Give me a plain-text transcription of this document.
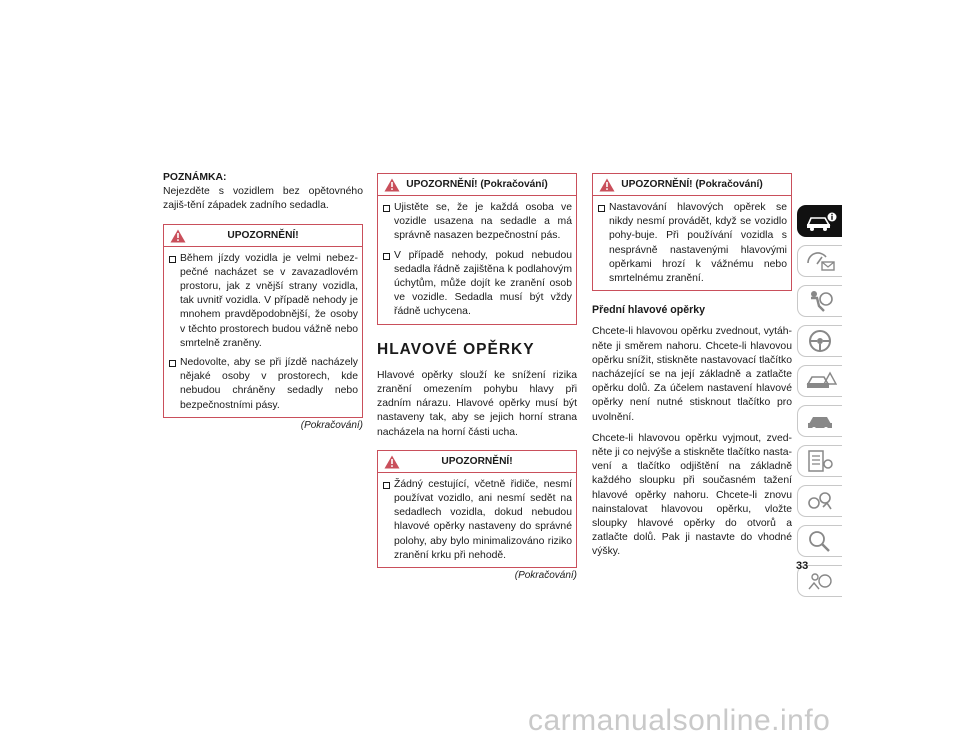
POZNÁMKA:
Nejezděte s vozidlem bez opětovného zajiš-tění západek zadního sedadla.
UPOZORNĚNÍ!
Během jízdy vozidla je velmi nebez-pečné nacházet se v zavazadlovém prostoru, jak z vnější strany vozidla, tak uvnitř vozidla. V případě nehody je mnohem pravděpodobnější, že osoby v těchto prostorech budou vážně nebo smrtelně zraněny.
Nedovolte, aby se při jízdě nacházely nějaké osoby v prostorech, kde nebudou chráněny sedadly nebo bezpečnostními pásy.
(Pokračování)
UPOZORNĚNÍ! (Pokračování)
Ujistěte se, že je každá osoba ve vozidle usazena na sedadle a má správně nasazen bezpečnostní pás.
V případě nehody, pokud nebudou sedadla řádně zajištěna k podlahovým úchytům, může dojít ke zranění osob ve vozidle. Sedadla musí být vždy řádně uchycena.
HLAVOVÉ OPĚRKY
Hlavové opěrky slouží ke snížení rizika zranění omezením pohybu hlavy při zadním nárazu. Hlavové opěrky musí být nastaveny tak, aby se jejich horní strana nacházela na horní části ucha.
UPOZORNĚNÍ!
Žádný cestující, včetně řidiče, nesmí používat vozidlo, ani nesmí sedět na sedadlech vozidla, dokud nebudou hlavové opěrky nastaveny do správné polohy, aby bylo minimalizováno riziko zranění krku při nehodě.
(Pokračování)
UPOZORNĚNÍ! (Pokračování)
Nastavování hlavových opěrek se nikdy nesmí provádět, když se vozidlo pohy-buje. Při používání vozidla s nesprávně nastavenými hlavovými opěrkami hrozí k vážnému nebo smrtelnému zranění.
Přední hlavové opěrky
Chcete-li hlavovou opěrku zvednout, vytáh-něte ji směrem nahoru. Chcete-li hlavovou opěrku snížit, stiskněte nastavovací tlačítko nacházející se na její základně a zatlačte opěrku dolů. Za účelem nastavení hlavové opěrky není nutné stisknout tlačítko pro uvolnění.
Chcete-li hlavovou opěrku vyjmout, zved-něte ji co nejvýše a stiskněte tlačítko nasta-vení a tlačítko odjištění na základně každého sloupku při současném tažení hlavové opěrky nahoru. Chcete-li znovu nainstalovat hlavovou opěrku, vložte sloupky hlavové opěrky do otvorů a zatlačte dolů. Pak ji nastavte do vhodné výšky.
33
carmanualsonline.info
